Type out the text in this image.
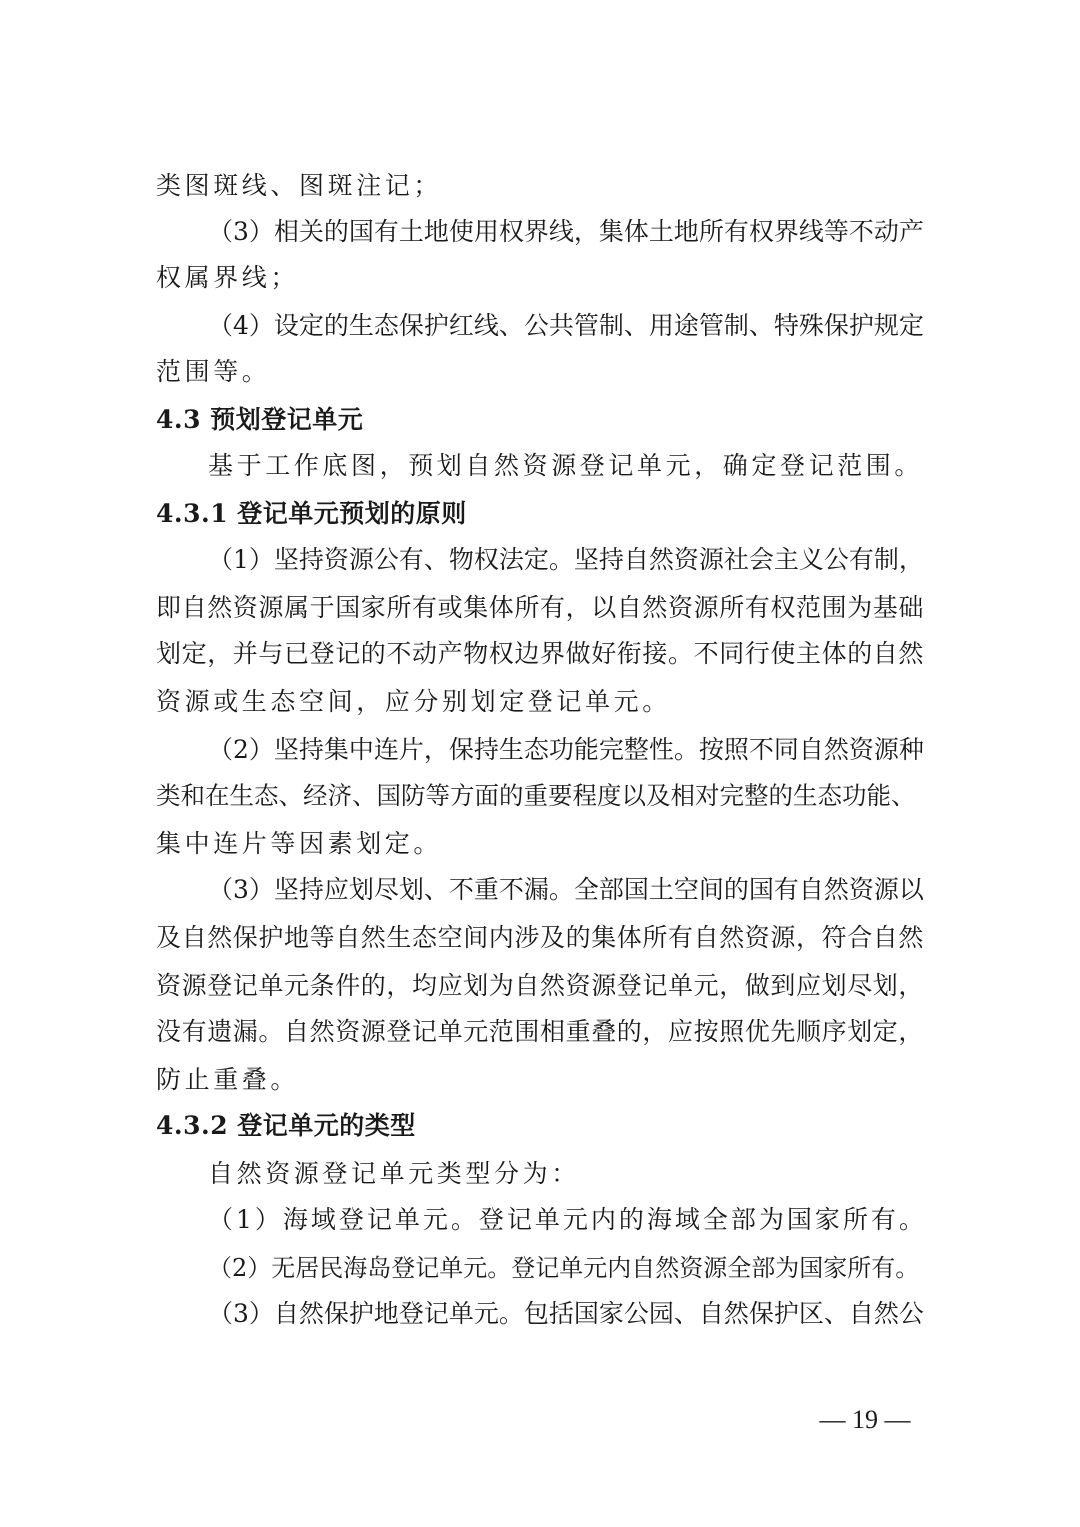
类图斑线、图斑注记；
（3）相关的国有土地使用权界线，集体土地所有权界线等不动产
权属界线；
（4）设定的生态保护红线、公共管制、用途管制、特殊保护规定
范围等。
4.3 预划登记单元
基于工作底图，预划自然资源登记单元，确定登记范围。
4.3.1 登记单元预划的原则
（1）坚持资源公有、物权法定。坚持自然资源社会主义公有制，
即自然资源属于国家所有或集体所有，以自然资源所有权范围为基础
划定，并与已登记的不动产物权边界做好衔接。不同行使主体的自然
资源或生态空间，应分别划定登记单元。
（2）坚持集中连片，保持生态功能完整性。按照不同自然资源种
类和在生态、经济、国防等方面的重要程度以及相对完整的生态功能、
集中连片等因素划定。
（3）坚持应划尽划、不重不漏。全部国土空间的国有自然资源以
及自然保护地等自然生态空间内涉及的集体所有自然资源，符合自然
资源登记单元条件的，均应划为自然资源登记单元，做到应划尽划，
没有遗漏。自然资源登记单元范围相重叠的，应按照优先顺序划定，
防止重叠。
4.3.2 登记单元的类型
自然资源登记单元类型分为：
（1）海域登记单元。登记单元内的海域全部为国家所有。
（2）无居民海岛登记单元。登记单元内自然资源全部为国家所有。
（3）自然保护地登记单元。包括国家公园、自然保护区、自然公
— 19 —
